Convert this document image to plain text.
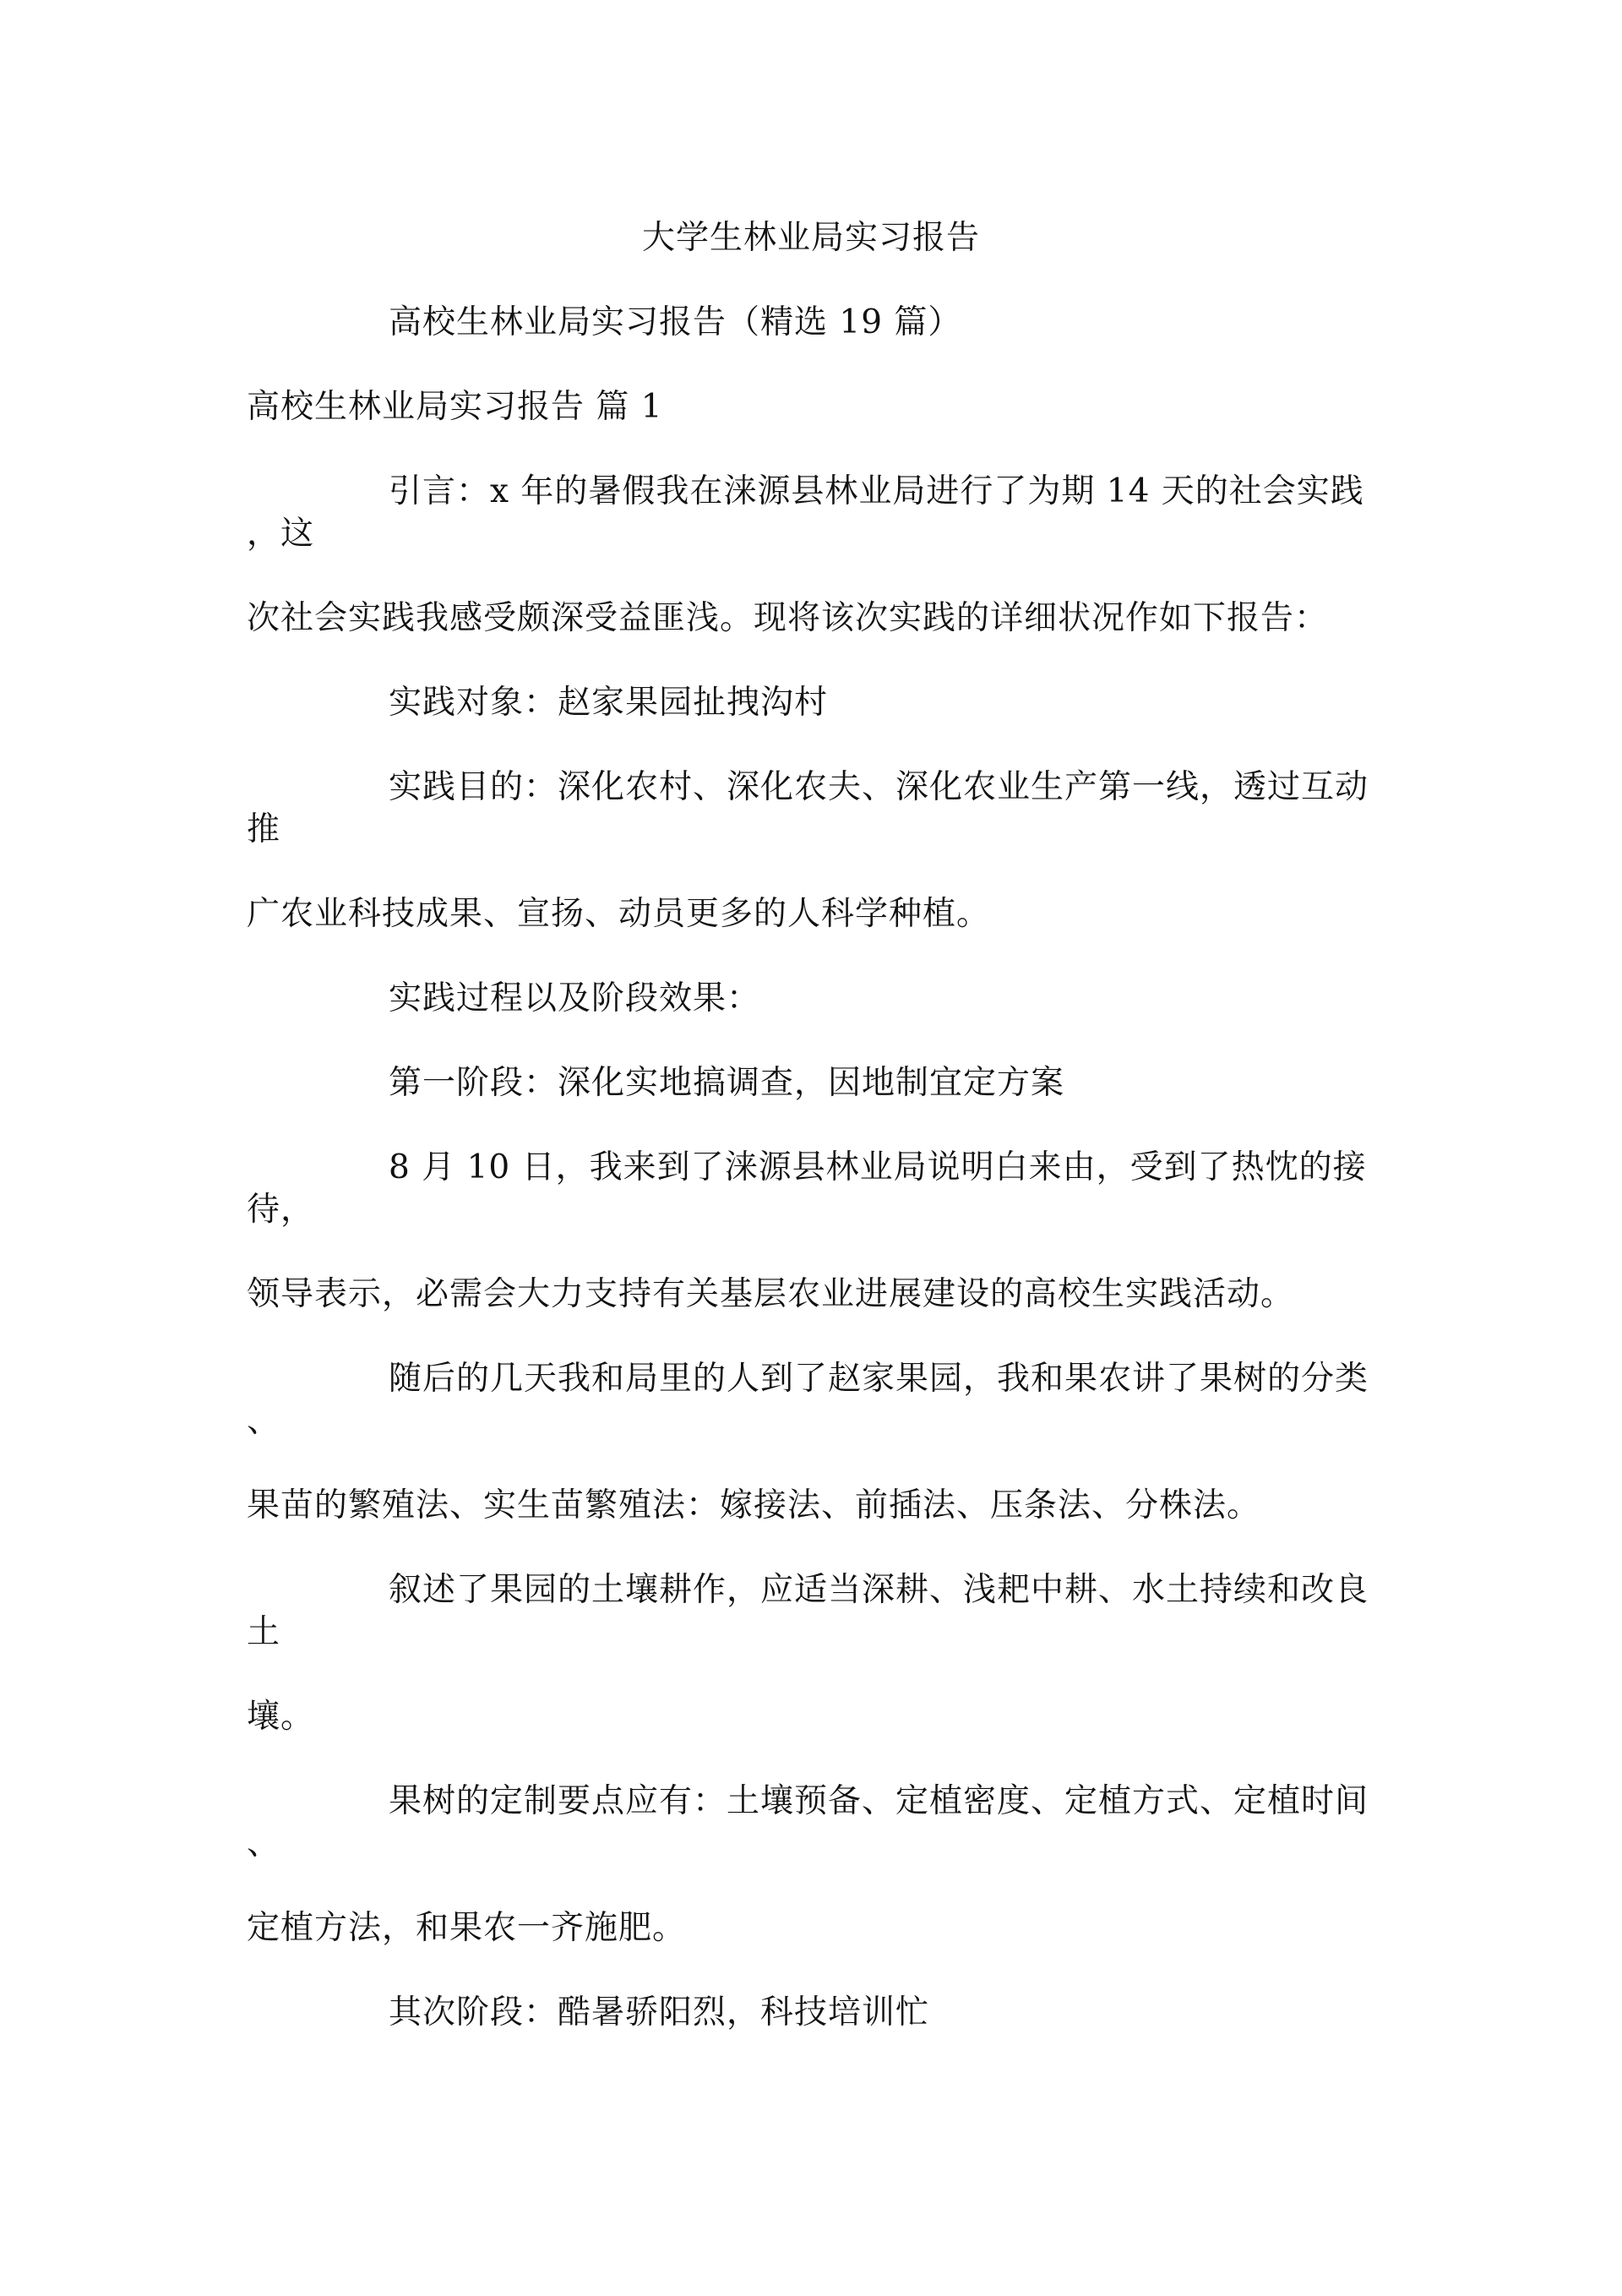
大学生林业局实习报告
高校生林业局实习报告（精选 19 篇）
高校生林业局实习报告 篇 1
引言：x 年的暑假我在涞源县林业局进行了为期 14 天的社会实践
，这
次社会实践我感受颇深受益匪浅。现将该次实践的详细状况作如下报告：
实践对象：赵家果园扯拽沟村
实践目的：深化农村、深化农夫、深化农业生产第一线，透过互动
推
广农业科技成果、宣扬、动员更多的人科学种植。
实践过程以及阶段效果：
第一阶段：深化实地搞调查，因地制宜定方案
8 月 10 日，我来到了涞源县林业局说明白来由，受到了热忱的接
待，
领导表示，必需会大力支持有关基层农业进展建设的高校生实践活动。
随后的几天我和局里的人到了赵家果园，我和果农讲了果树的分类
、
果苗的繁殖法、实生苗繁殖法：嫁接法、前插法、压条法、分株法。
叙述了果园的土壤耕作，应适当深耕、浅耙中耕、水土持续和改良
土
壤。
果树的定制要点应有：土壤预备、定植密度、定植方式、定植时间
、
定植方法，和果农一齐施肥。
其次阶段：酷暑骄阳烈，科技培训忙
